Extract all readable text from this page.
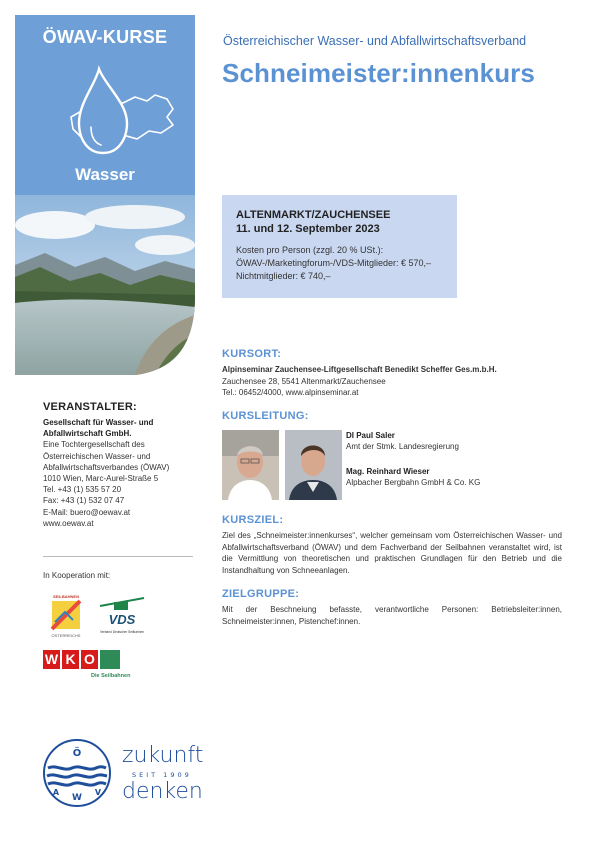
ÖWAV-KURSE
Wasser
Österreichischer Wasser- und Abfallwirtschaftsverband
Schneimeister:innenkurs
ALTENMARKT/ZAUCHENSEE
11. und 12. September 2023
Kosten pro Person (zzgl. 20 % USt.):
ÖWAV-/Marketingforum-/VDS-Mitglieder: € 570,–
Nichtmitglieder: € 740,–
KURSORT:
Alpinseminar Zauchensee-Liftgesellschaft Benedikt Scheffer Ges.m.b.H.
Zauchensee 28, 5541 Altenmarkt/Zauchensee
Tel.: 06452/4000, www.alpinseminar.at
KURSLEITUNG:
DI Paul Saler
Amt der Stmk. Landesregierung
Mag. Reinhard Wieser
Alpbacher Bergbahn GmbH & Co. KG
KURSZIEL:

Ziel des „Schneimeister:innenkurses“, welcher gemeinsam vom Österreichischen Wasser- und Abfallwirtschaftsverband (ÖWAV) und dem Fachverband der Seilbahnen veranstaltet wird, ist die Vermittlung von theoretischen und praktischen Grundlagen für den Betrieb und die Instandhaltung von Schneeanlagen.

ZIELGRUPPE:

Mit der Beschneiung befasste, verantwortliche Personen: Betriebsleiter:innen, Schneimeister:innen, Pistenchef:innen.

VERANSTALTER:
Gesellschaft für Wasser- und
Abfallwirtschaft GmbH.
Eine Tochtergesellschaft des
Österreichischen Wasser- und
Abfallwirtschaftsverbandes (ÖWAV)
1010 Wien, Marc-Aurel-Straße 5
Tel. +43 (1) 535 57 20
Fax: +43 (1) 532 07 47
E-Mail: buero@oewav.at
www.oewav.at
In Kooperation mit:
SEILBAHNEN
ÖSTERREICHS
VDS
Verband Deutscher Seilbahnen
W K O
Die Seilbahnen
Ö
W
A	V
zukunft
SEIT 1909
denken
